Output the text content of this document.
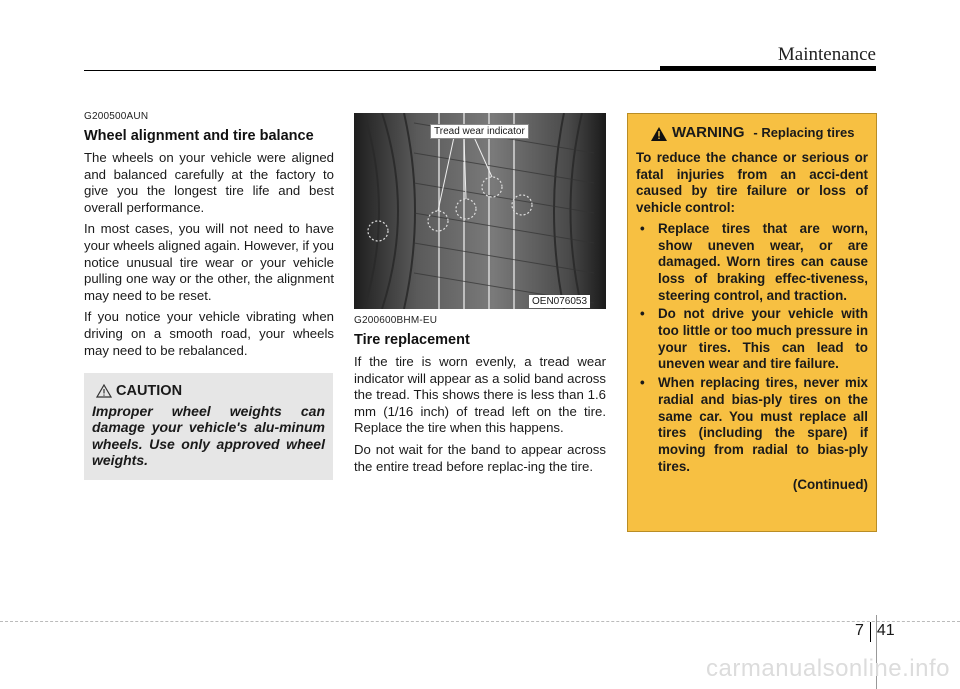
Maintenance
G200500AUN
Wheel alignment and tire balance

The wheels on your vehicle were aligned and balanced carefully at the factory to give you the longest tire life and best overall performance.

In most cases, you will not need to have your wheels aligned again. However, if you notice unusual tire wear or your vehicle pulling one way or the other, the alignment may need to be reset.

If you notice your vehicle vibrating when driving on a smooth road, your wheels may need to be rebalanced.

CAUTION
Improper wheel weights can damage your vehicle's alu-minum wheels. Use only approved wheel weights.
Tread wear indicator
OEN076053
G200600BHM-EU
Tire replacement

If the tire is worn evenly, a tread wear indicator will appear as a solid band across the tread. This shows there is less than 1.6 mm (1/16 inch) of tread left on the tire. Replace the tire when this happens.

Do not wait for the band to appear across the entire tread before replac-ing the tire.

WARNING - Replacing tires
To reduce the chance or serious or fatal injuries from an acci-dent caused by tire failure or loss of vehicle control:
• Replace tires that are worn, show uneven wear, or are damaged. Worn tires can cause loss of braking effec-tiveness, steering control, and traction.
• Do not drive your vehicle with too little or too much pressure in your tires. This can lead to uneven wear and tire failure.
• When replacing tires, never mix radial and bias-ply tires on the same car. You must replace all tires (including the spare) if moving from radial to bias-ply tires.
(Continued)
7 41
carmanualsonline.info
